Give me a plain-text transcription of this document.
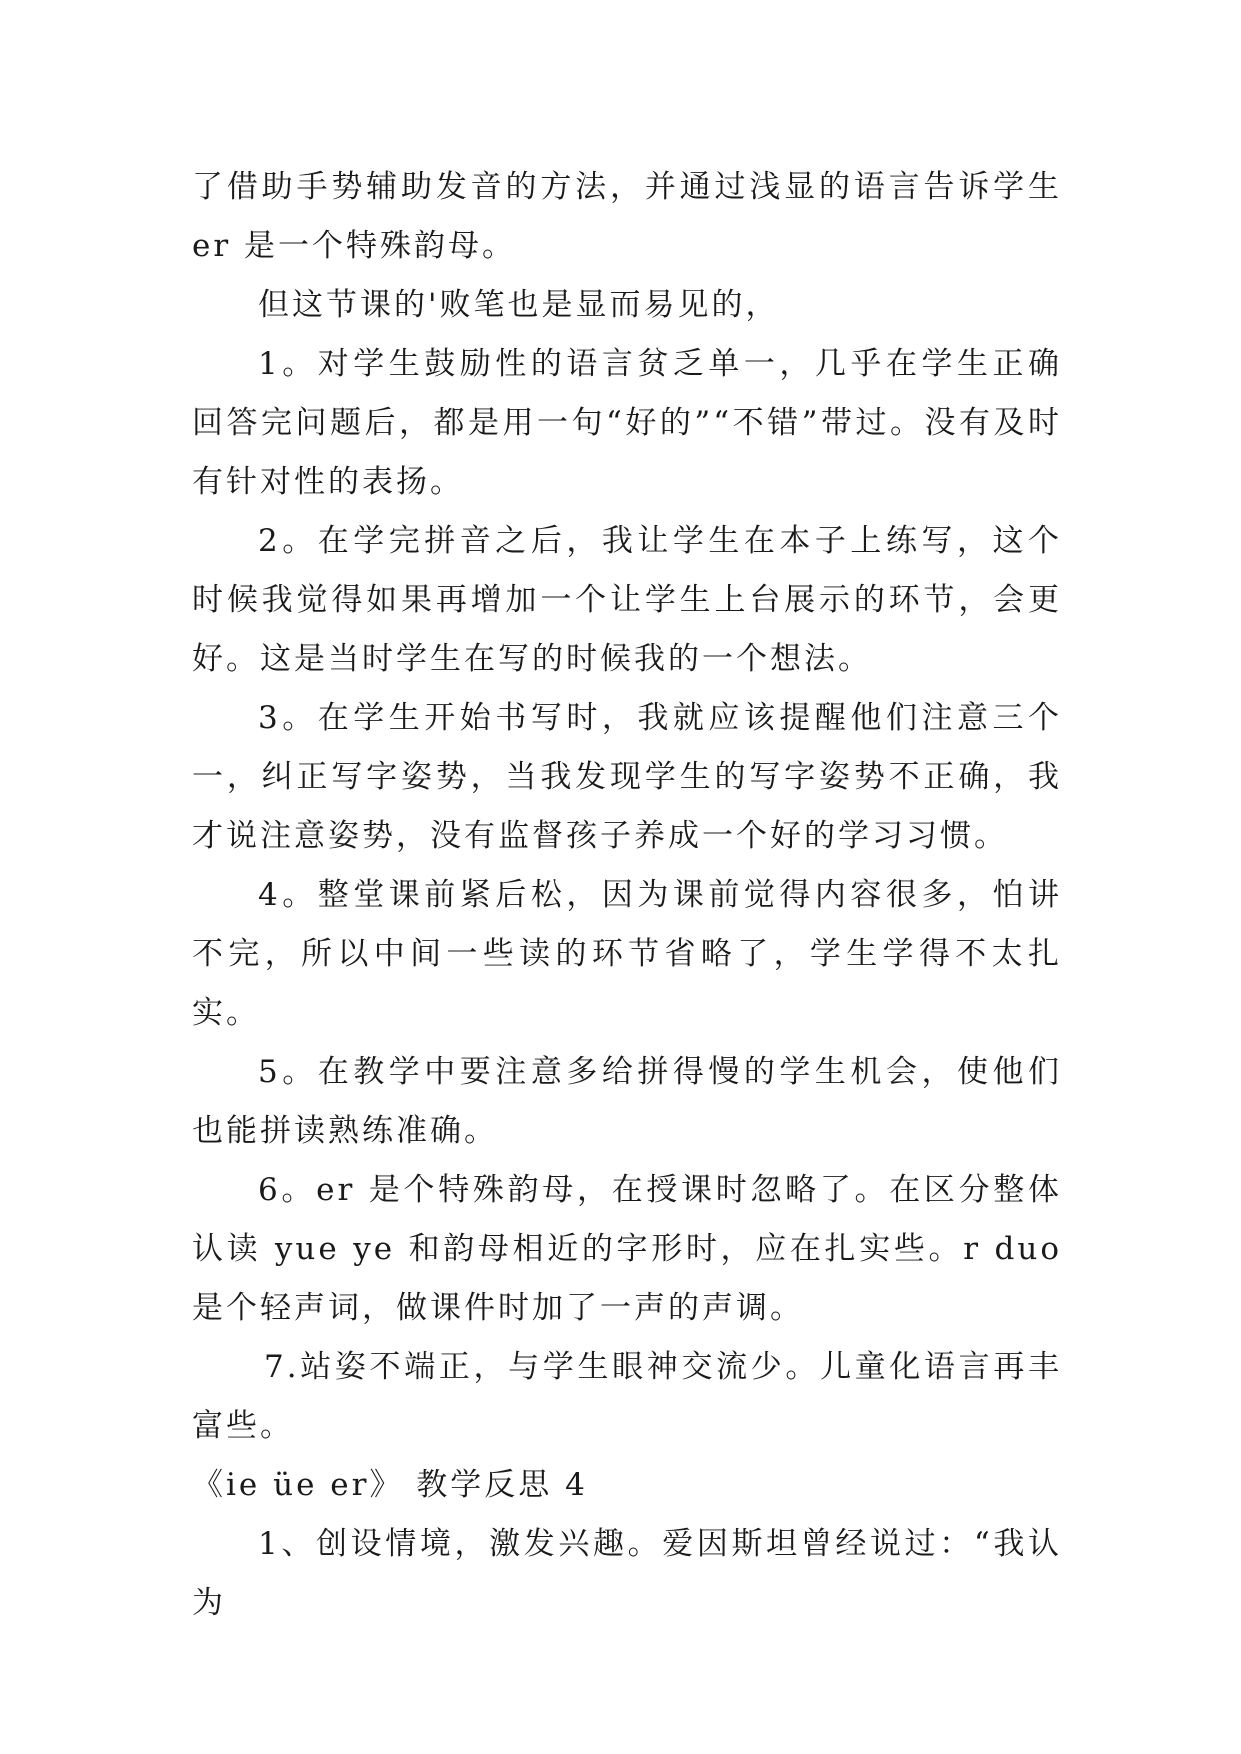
了借助手势辅助发音的方法，并通过浅显的语言告诉学生 er 是一个特殊韵母。

但这节课的'败笔也是显而易见的，

1。对学生鼓励性的语言贫乏单一，几乎在学生正确回答完问题后，都是用一句“好的”“不错”带过。没有及时有针对性的表扬。

2。在学完拼音之后，我让学生在本子上练写，这个时候我觉得如果再增加一个让学生上台展示的环节，会更好。这是当时学生在写的时候我的一个想法。

3。在学生开始书写时，我就应该提醒他们注意三个一，纠正写字姿势，当我发现学生的写字姿势不正确，我才说注意姿势，没有监督孩子养成一个好的学习习惯。

4。整堂课前紧后松，因为课前觉得内容很多，怕讲不完，所以中间一些读的环节省略了，学生学得不太扎实。

5。在教学中要注意多给拼得慢的学生机会，使他们也能拼读熟练准确。

6。er 是个特殊韵母，在授课时忽略了。在区分整体认读 yue ye 和韵母相近的字形时，应在扎实些。r duo 是个轻声词，做课件时加了一声的声调。

7.站姿不端正，与学生眼神交流少。儿童化语言再丰富些。

《ie üe er》 教学反思 4

1、创设情境，激发兴趣。爱因斯坦曾经说过：“我认为
